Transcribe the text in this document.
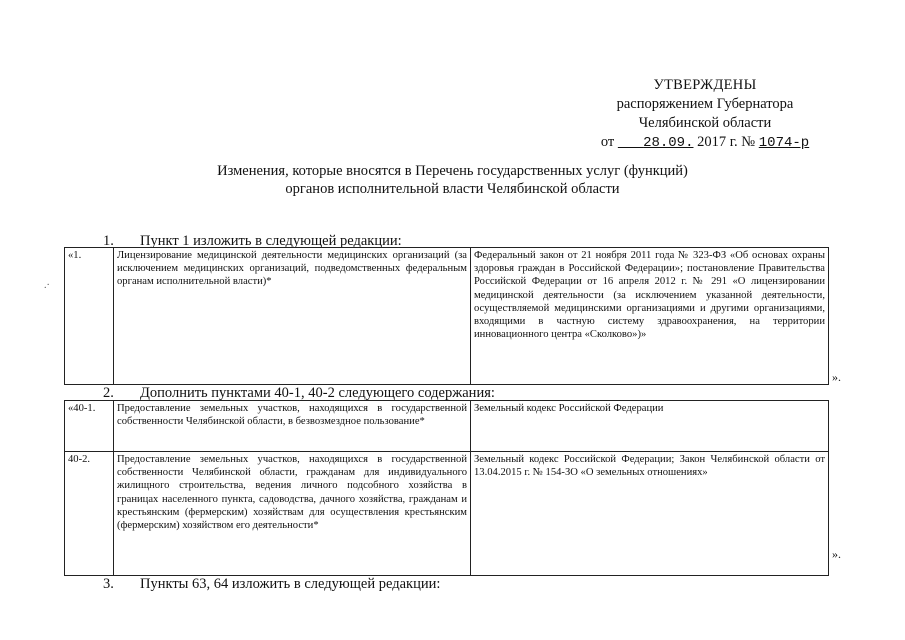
УТВЕРЖДЕНЫ
распоряжением Губернатора
Челябинской области
от 28.09. 2017 г. № 1074-р
Изменения, которые вносятся в Перечень государственных услуг (функций)
органов исполнительной власти Челябинской области
1. Пункт 1 изложить в следующей редакции:
.·
«1.	Лицензирование медицинской деятельности медицинских организаций (за исключением медицинских организаций, подведомственных федеральным органам исполнительной власти)*	Федеральный закон от 21 ноября 2011 года № 323-ФЗ «Об основах охраны здоровья граждан в Российской Федерации»; постановление Правительства Российской Федерации от 16 апреля 2012 г. № 291 «О лицензировании медицинской деятельности (за исключением указанной деятельности, осуществляемой медицинскими организациями и другими организациями, входящими в частную систему здравоохранения, на территории инновационного центра «Сколково»)»
».
2. Дополнить пунктами 40-1, 40-2 следующего содержания:
«40-1.	Предоставление земельных участков, находящихся в государственной собственности Челябинской области, в безвозмездное пользование*	Земельный кодекс Российской Федерации
40-2.	Предоставление земельных участков, находящихся в государственной собственности Челябинской области, гражданам для индивидуального жилищного строительства, ведения личного подсобного хозяйства в границах населенного пункта, садоводства, дачного хозяйства, гражданам и крестьянским (фермерским) хозяйствам для осуществления крестьянским (фермерским) хозяйством его деятельности*	Земельный кодекс Российской Федерации; Закон Челябинской области от 13.04.2015 г. № 154-ЗО «О земельных отношениях»
».
3. Пункты 63, 64 изложить в следующей редакции:
